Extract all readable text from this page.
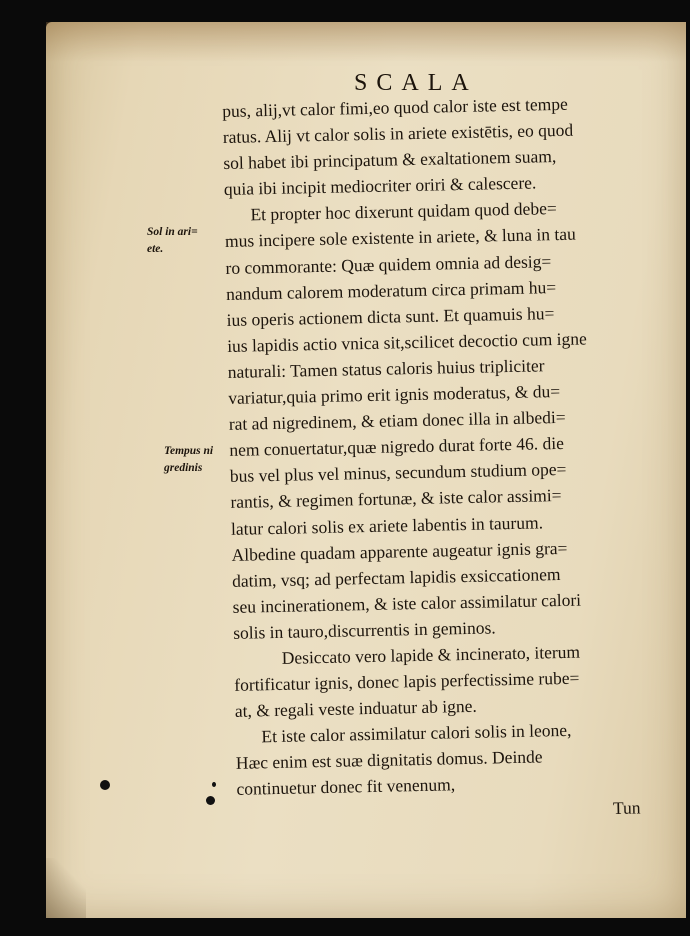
SCALA
pus, alij,vt calor fimi,eo quod calor iste est tempe
ratus. Alij vt calor solis in ariete existētis, eo quod
sol habet ibi principatum & exaltationem suam,
quia ibi incipit mediocriter oriri & calescere.
Et propter hoc dixerunt quidam quod debe=
mus incipere sole existente in ariete, & luna in tau
ro commorante: Quæ quidem omnia ad desig=
nandum calorem moderatum circa primam hu=
ius operis actionem dicta sunt. Et quamuis hu=
ius lapidis actio vnica sit,scilicet decoctio cum igne
naturali: Tamen status caloris huius tripliciter
variatur,quia primo erit ignis moderatus, & du=
rat ad nigredinem, & etiam donec illa in albedi=
nem conuertatur,quæ nigredo durat forte 46. die
bus vel plus vel minus, secundum studium ope=
rantis, & regimen fortunæ, & iste calor assimi=
latur calori solis ex ariete labentis in taurum.
Albedine quadam apparente augeatur ignis gra=
datim, vsq; ad perfectam lapidis exsiccationem
seu incinerationem, & iste calor assimilatur calori
solis in tauro,discurrentis in geminos.
Desiccato vero lapide & incinerato, iterum
fortificatur ignis, donec lapis perfectissime rube=
at, & regali veste induatur ab igne.
Et iste calor assimilatur calori solis in leone,
Hæc enim est suæ dignitatis domus. Deinde
continuetur donec fit venenum,
Tun
Sol in ari=
ete.
Tempus ni
gredinis
